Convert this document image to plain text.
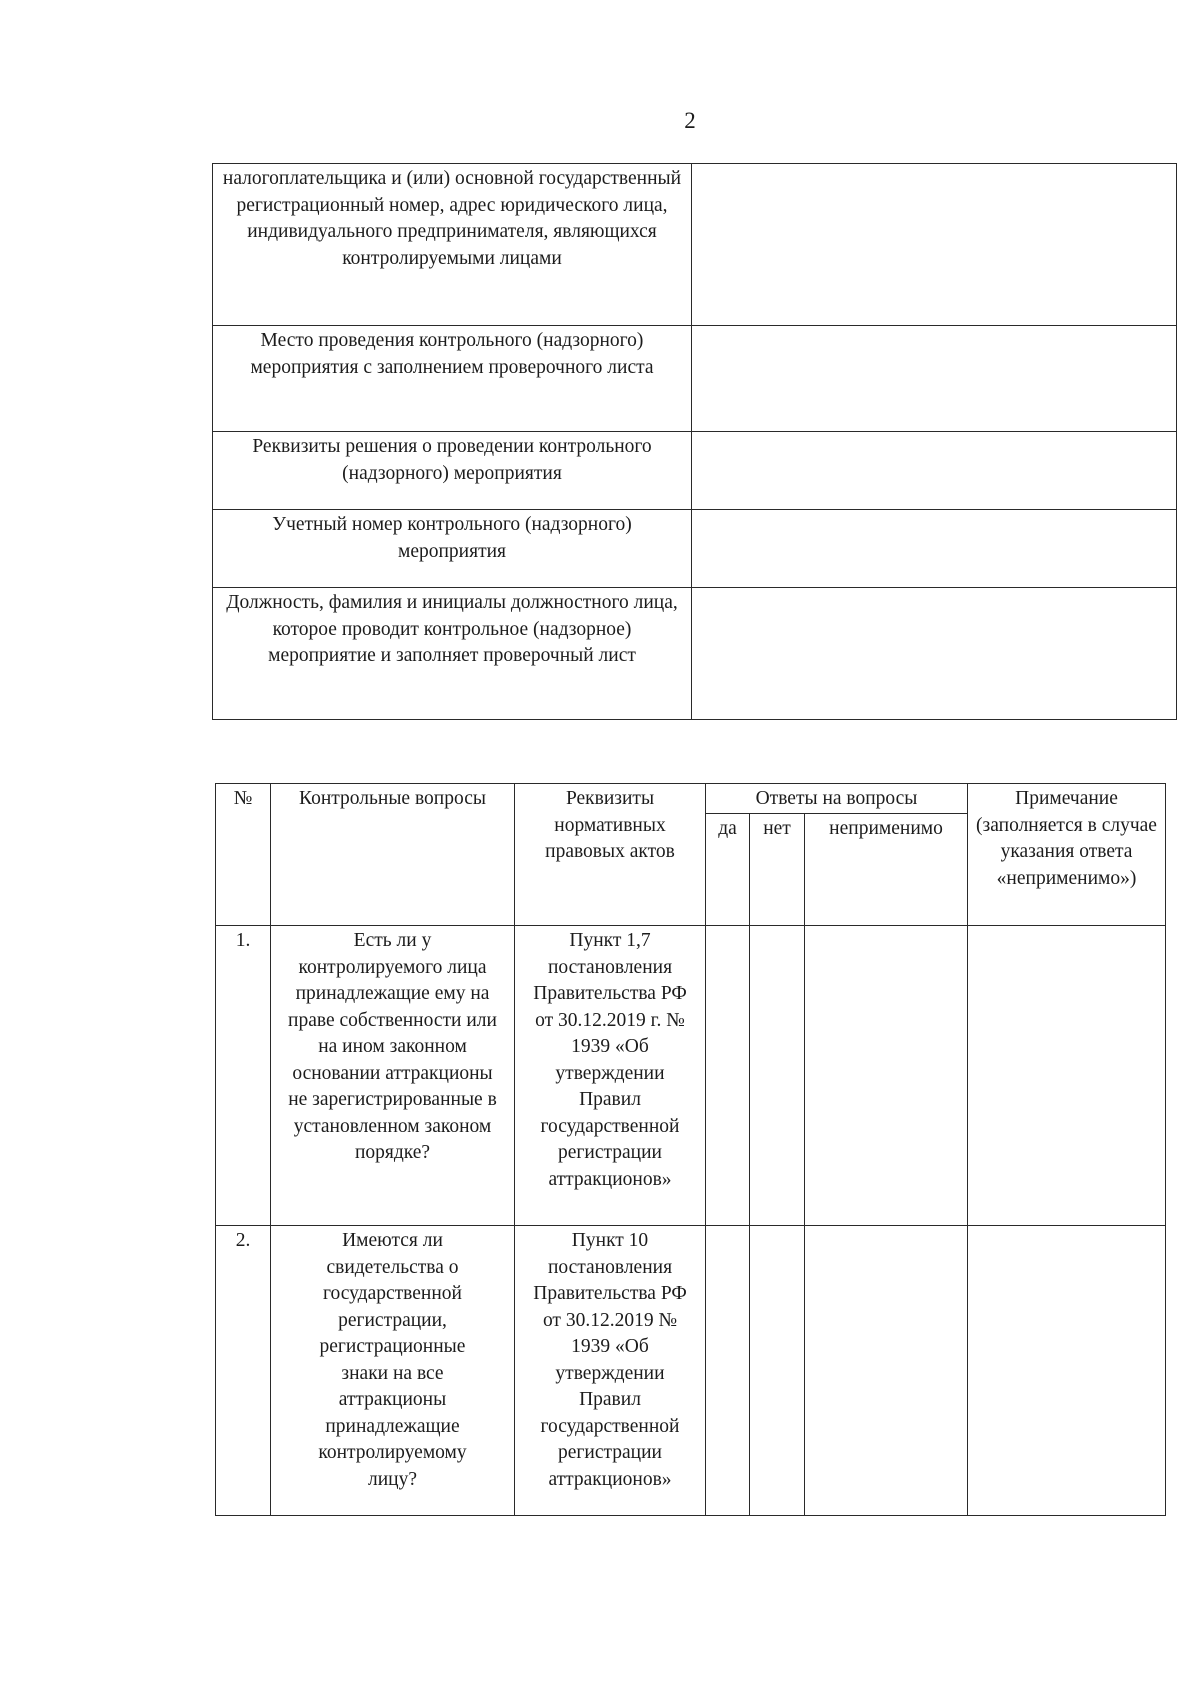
2
налогоплательщика и (или) основной государственный регистрационный номер, адрес юридического лица, индивидуального предпринимателя, являющихся контролируемыми лицами	
Место проведения контрольного (надзорного) мероприятия с заполнением проверочного листа	
Реквизиты решения о проведении контрольного (надзорного) мероприятия	
Учетный номер контрольного (надзорного) мероприятия	
Должность, фамилия и инициалы должностного лица, которое проводит контрольное (надзорное) мероприятие и заполняет проверочный лист	
№	Контрольные вопросы	Реквизиты нормативных правовых актов	Ответы на вопросы			Примечание (заполняется в случае указания ответа «неприменимо»)
			да	нет	неприменимо	
1.	Есть ли у контролируемого лица принадлежащие ему на праве собственности или на ином законном основании аттракционы не зарегистрированные в установленном законом порядке?	Пункт 1,7 постановления Правительства РФ от 30.12.2019 г. № 1939 «Об утверждении Правил государственной регистрации аттракционов»				
2.	Имеются ли свидетельства о государственной регистрации, регистрационные знаки на все аттракционы принадлежащие контролируемому лицу?	Пункт 10 постановления Правительства РФ от 30.12.2019 № 1939 «Об утверждении Правил государственной регистрации аттракционов»				
